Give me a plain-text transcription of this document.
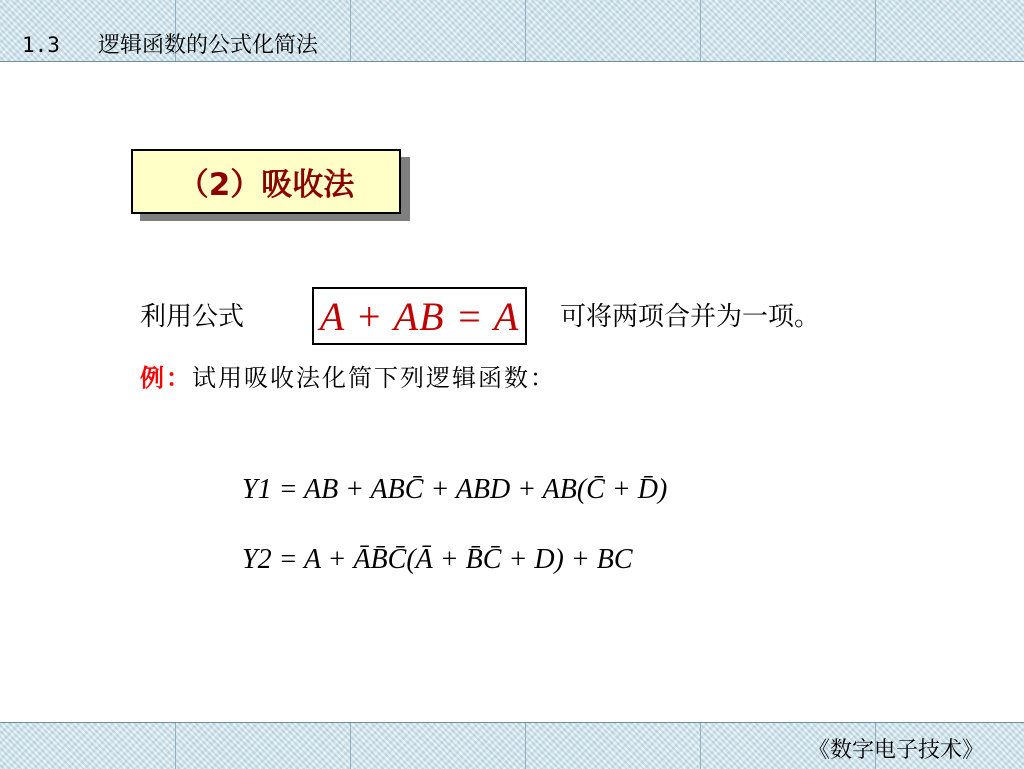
1.3 逻辑函数的公式化简法
（2）吸收法
利用公式 A + AB = A 可将两项合并为一项。
例：试用吸收法化简下列逻辑函数：
Y1 = AB + ABC̄ + ABD + AB(C̄ + D̄)
Y2 = A + ĀB̄C̄(Ā + B̄C̄ + D) + BC
《数字电子技术》
